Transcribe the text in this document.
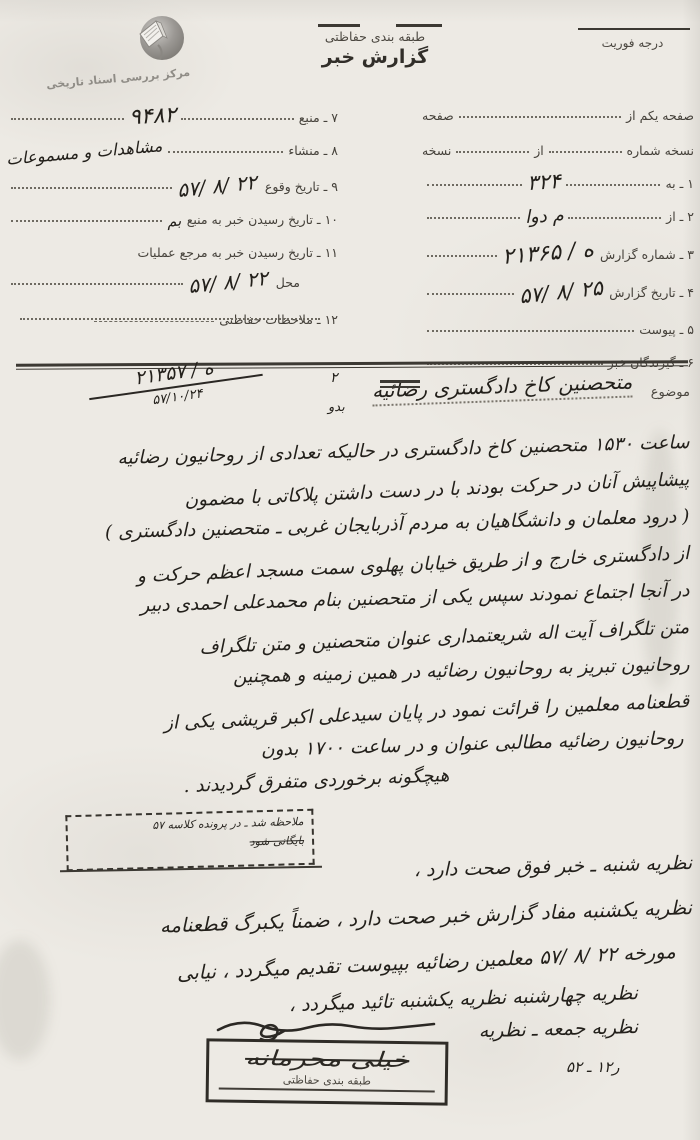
مرکز بررسی اسناد تاریخی
طبقه بندی حفاظتی
گزارش خبر
درجه فوریت
صفحه یکم از
صفحه
نسخه شماره
از
نسخه
۱ ـ به
۳۲۴
۲ ـ از
م دوا
۳ ـ شماره گزارش
ه / ۲۱۳۶۵
۴ ـ تاریخ گزارش
۲۵ /۸ /۵۷
۵ ـ پیوست
۶ ـ گیرندگان خبر
۷ ـ منبع
۹۴۸۲
۸ ـ منشاء
مشاهدات و مسموعات
۹ ـ تاریخ وقوع
۲۲ /۸ /۵۷
۱۰ ـ تاریخ رسیدن خبر به منبع
بم
۱۱ ـ تاریخ رسیدن خبر به مرجع عملیات
محل
۲۲ /۸ /۵۷
۱۲ ـ ملاحظات حفاظتی
موضوع
متحصنین کاخ دادگستری رضائیه
۲
بدو
ه / ۲۱۳۵۷
۵۷/۱۰/۲۴
ساعت ۱۵۳۰ متحصنین کاخ دادگستری در حالیکه تعدادی از روحانیون رضائیه
پیشاپیش آنان در حرکت بودند با در دست داشتن پلاکاتی با مضمون
( درود معلمان و دانشگاهیان به مردم آذربایجان غربی ـ متحصنین دادگستری )
از دادگستری خارج و از طریق خیابان پهلوی سمت مسجد اعظم حرکت و
در آنجا اجتماع نمودند سپس یکی از متحصنین بنام محمدعلی احمدی دبیر
متن تلگراف آیت اله شریعتمداری عنوان متحصنین و متن تلگراف
روحانیون تبریز به روحانیون رضائیه در همین زمینه و همچنین
قطعنامه معلمین را قرائت نمود در پایان سیدعلی اکبر قریشی یکی از
روحانیون رضائیه مطالبی عنوان و در ساعت ۱۷۰۰ بدون
هیچگونه برخوردی متفرق گردیدند .
ملاحظه شد ـ در پرونده کلاسه ۵۷
بایگانی شود
نظریه شنبه ـ خبر فوق صحت دارد ،
نظریه یکشنبه مفاد گزارش خبر صحت دارد ، ضمناً یکبرگ قطعنامه
مورخه ۲۲ /۸ /۵۷ معلمین رضائیه بپیوست تقدیم میگردد ، نیابی
نظریه چهارشنبه نظریه یکشنبه تائید میگردد ،
نظریه جمعه ـ نظریه
خیلی محرمانه
طبقه بندی حفاظتی
ر۱۲ ـ ۵۲
